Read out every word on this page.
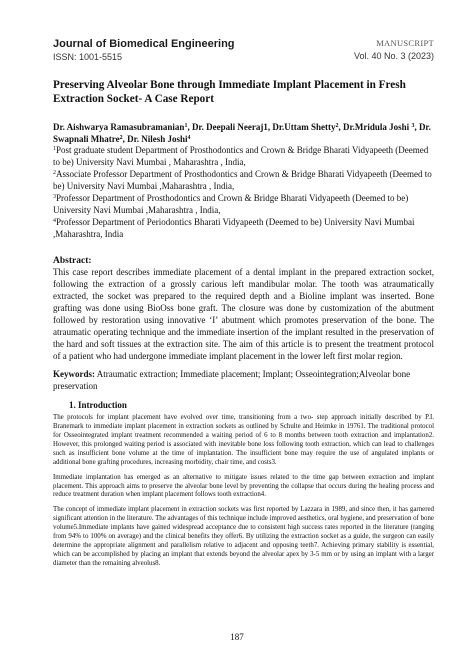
Journal of Biomedical Engineering
ISSN: 1001-5515
MANUSCRIPT
Vol. 40 No. 3 (2023)
Preserving Alveolar Bone through Immediate Implant Placement in Fresh Extraction Socket- A Case Report
Dr. Aishwarya Ramasubramanian$^1$, Dr. Deepali Neeraj1, Dr.Uttam Shetty$^2$, Dr.Mridula Joshi $^3$, Dr. Swapnali Mhatre$^2$, Dr. Nilesh Joshi$^4$
$^1$Post graduate student Department of Prosthodontics and Crown & Bridge Bharati Vidyapeeth (Deemed to be) University Navi Mumbai , Maharashtra , India,
$^2$Associate Professor Department of Prosthodontics and Crown & Bridge Bharati Vidyapeeth (Deemed to be) University Navi Mumbai ,Maharashtra , India,
$^3$Professor Department of Prosthodontics and Crown & Bridge Bharati Vidyapeeth (Deemed to be) University Navi Mumbai ,Maharashtra , India,
$^4$Professor Department of Periodontics Bharati Vidyapeeth (Deemed to be) University Navi Mumbai ,Maharashtra, India
Abstract:
This case report describes immediate placement of a dental implant in the prepared extraction socket, following the extraction of a grossly carious left mandibular molar. The tooth was atraumatically extracted, the socket was prepared to the required depth and a Bioline implant was inserted. Bone grafting was done using BioOss bone graft. The closure was done by customization of the abutment followed by restoration using innovative ‘I’ abutment which promotes preservation of the bone. The atraumatic operating technique and the immediate insertion of the implant resulted in the preservation of the hard and soft tissues at the extraction site. The aim of this article is to present the treatment protocol of a patient who had undergone immediate implant placement in the lower left first molar region.
Keywords: Atraumatic extraction; Immediate placement; Implant; Osseointegration;Alveolar bone preservation
1. Introduction
The protocols for implant placement have evolved over time, transitioning from a two- step approach initially described by P.I. Branemark to immediate implant placement in extraction sockets as outlined by Schulte and Heimke in 19761. The traditional protocol for Osseointegrated implant treatment recommended a waiting period of 6 to 8 months between tooth extraction and implantation2. However, this prolonged waiting period is associated with inevitable bone loss following tooth extraction, which can lead to challenges such as insufficient bone volume at the time of implantation. The insufficient bone may require the use of angulated implants or additional bone grafting procedures, increasing morbidity, chair time, and costs3.
Immediate implantation has emerged as an alternative to mitigate issues related to the time gap between extraction and implant placement. This approach aims to preserve the alveolar bone level by preventing the collapse that occurs during the healing process and reduce treatment duration when implant placement follows tooth extraction4.
The concept of immediate implant placement in extraction sockets was first reported by Lazzara in 1989, and since then, it has garnered significant attention in the literature. The advantages of this technique include improved aesthetics, oral hygiene, and preservation of bone volume5.Immediate implants have gained widespread acceptance due to consistent high success rates reported in the literature (ranging from 94% to 100% on average) and the clinical benefits they offer6. By utilizing the extraction socket as a guide, the surgeon can easily determine the appropriate alignment and parallelism relative to adjacent and opposing teeth7. Achieving primary stability is essential, which can be accomplished by placing an implant that extends beyond the alveolar apex by 3-5 mm or by using an implant with a larger diameter than the remaining alveolus8.
187
